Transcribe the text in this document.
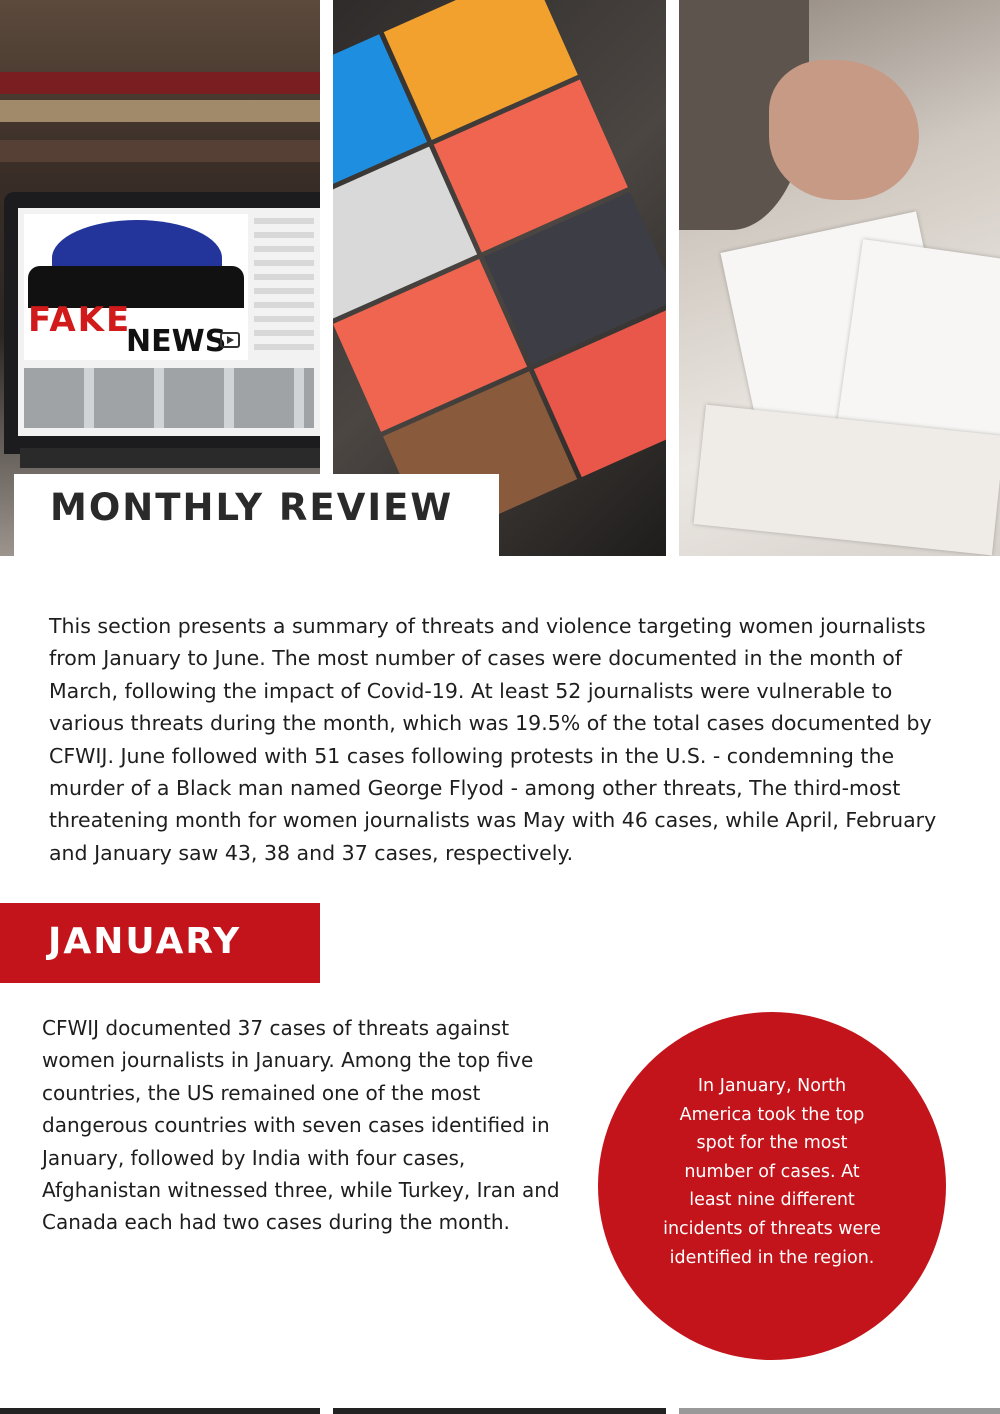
FAKE
NEWS
MONTHLY REVIEW

This section presents a summary of threats and violence targeting women journalists from January to June. The most number of cases were documented in the month of March, following the impact of Covid-19. At least 52 journalists were vulnerable to various threats during the month, which was 19.5% of the total cases documented by CFWIJ. June followed with 51 cases following protests in the U.S. - condemning the murder of a Black man named George Flyod - among other threats, The third-most threatening month for women journalists was May with 46 cases, while April, February and January saw 43, 38 and 37 cases, respectively.

JANUARY

CFWIJ documented 37 cases of threats against women journalists in January. Among the top five countries, the US remained one of the most dangerous countries with seven cases identified in January, followed by India with four cases, Afghanistan witnessed three, while Turkey, Iran and Canada each had two cases during the month.

In January, North America took the top spot for the most number of cases. At least nine different incidents of threats were identified in the region.
